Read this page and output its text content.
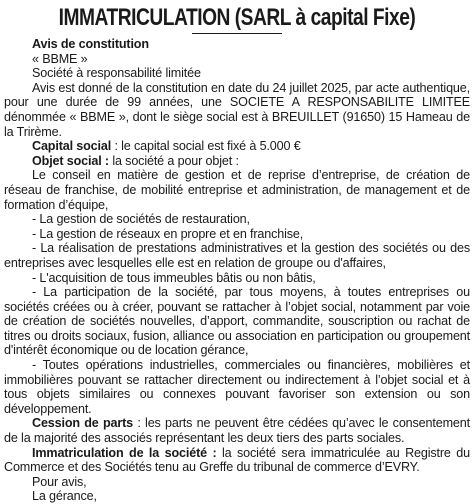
IMMATRICULATION (SARL à capital Fixe)

Avis de constitution

« BBME »

Société à responsabilité limitée

Avis est donné de la constitution en date du 24 juillet 2025, par acte authentique, pour une durée de 99 années, une SOCIETE A RESPONSABILITE LIMITEE dénommée « BBME », dont le siège social est à BREUILLET (91650) 15 Hameau de la Trirème.

Capital social : le capital social est fixé à 5.000 €

Objet social : la société a pour objet :

Le conseil en matière de gestion et de reprise d’entreprise, de création de réseau de franchise, de mobilité entreprise et administration, de management et de formation d’équipe,

- La gestion de sociétés de restauration,

- La gestion de réseaux en propre et en franchise,

- La réalisation de prestations administratives et la gestion des sociétés ou des entreprises avec lesquelles elle est en relation de groupe ou d'affaires,

- L'acquisition de tous immeubles bâtis ou non bâtis,

- La participation de la société, par tous moyens, à toutes entreprises ou sociétés créées ou à créer, pouvant se rattacher à l’objet social, notamment par voie de création de sociétés nouvelles, d’apport, commandite, souscription ou rachat de titres ou droits sociaux, fusion, alliance ou association en participation ou groupement d'intérêt économique ou de location gérance,

- Toutes opérations industrielles, commerciales ou financières, mobilières et immobilières pouvant se rattacher directement ou indirectement à l’objet social et à tous objets similaires ou connexes pouvant favoriser son extension ou son développement.

Cession de parts : les parts ne peuvent être cédées qu’avec le consentement de la majorité des associés représentant les deux tiers des parts sociales.

Immatriculation de la société : la société sera immatriculée au Registre du Commerce et des Sociétés tenu au Greffe du tribunal de commerce d’EVRY.

Pour avis,

La gérance,
